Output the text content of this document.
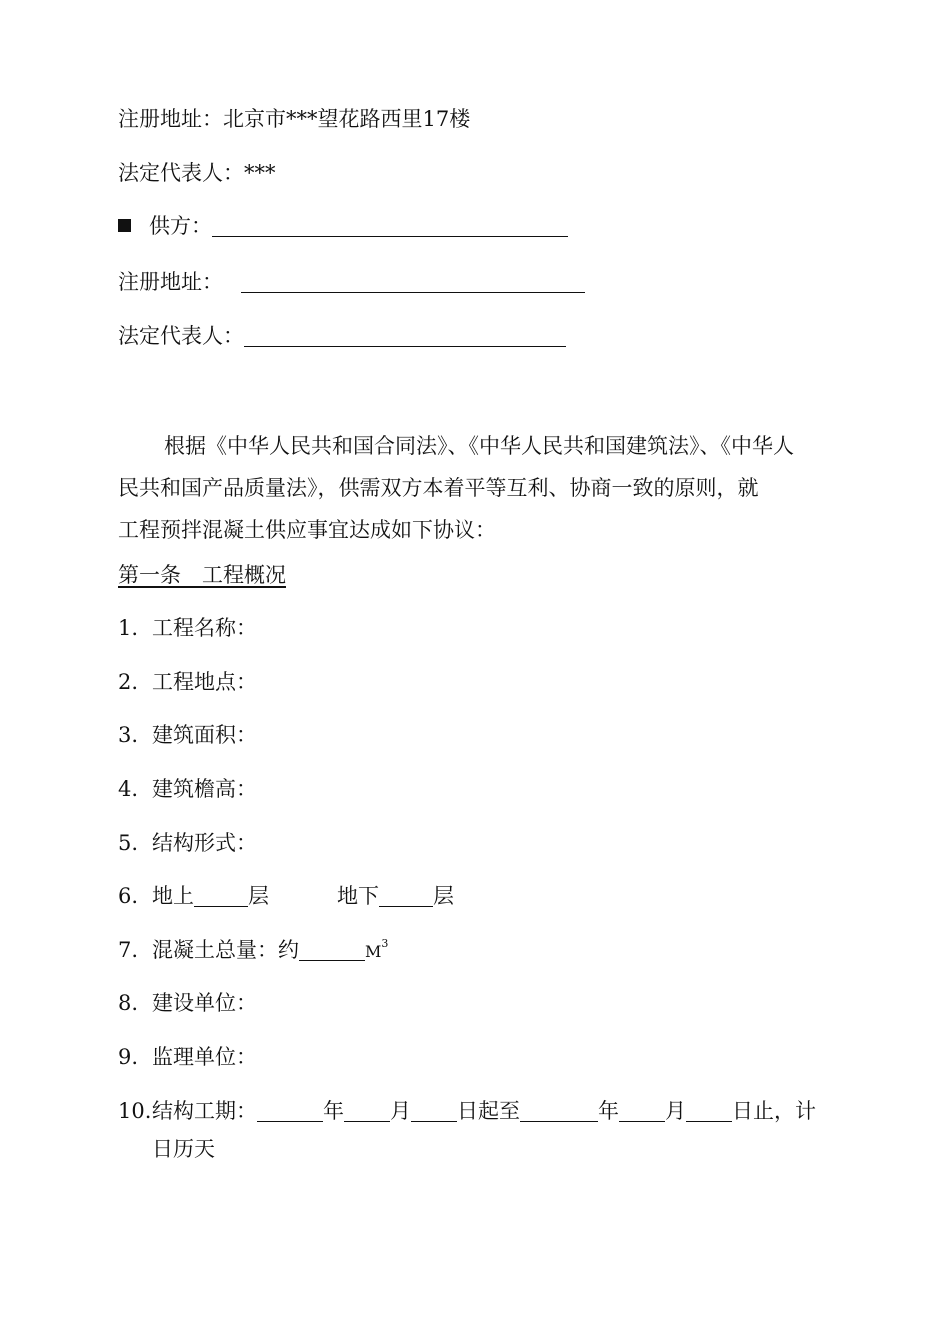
注册地址：北京市***望花路西里17楼
法定代表人：***
供方：
注册地址：
法定代表人：
根据《中华人民共和国合同法》、《中华人民共和国建筑法》、《中华人
民共和国产品质量法》，供需双方本着平等互利、协商一致的原则，就
工程预拌混凝土供应事宜达成如下协议：
第一条　工程概况
1. 工程名称：
2. 工程地点：
3. 建筑面积：
4. 建筑檐高：
5. 结构形式：
6. 地上	层	地下	层
7. 混凝土总量：约	$M^3$
8. 建设单位：
9. 监理单位：
10.结构工期：	年 月 日起至	年 月 日止，计
日历天
